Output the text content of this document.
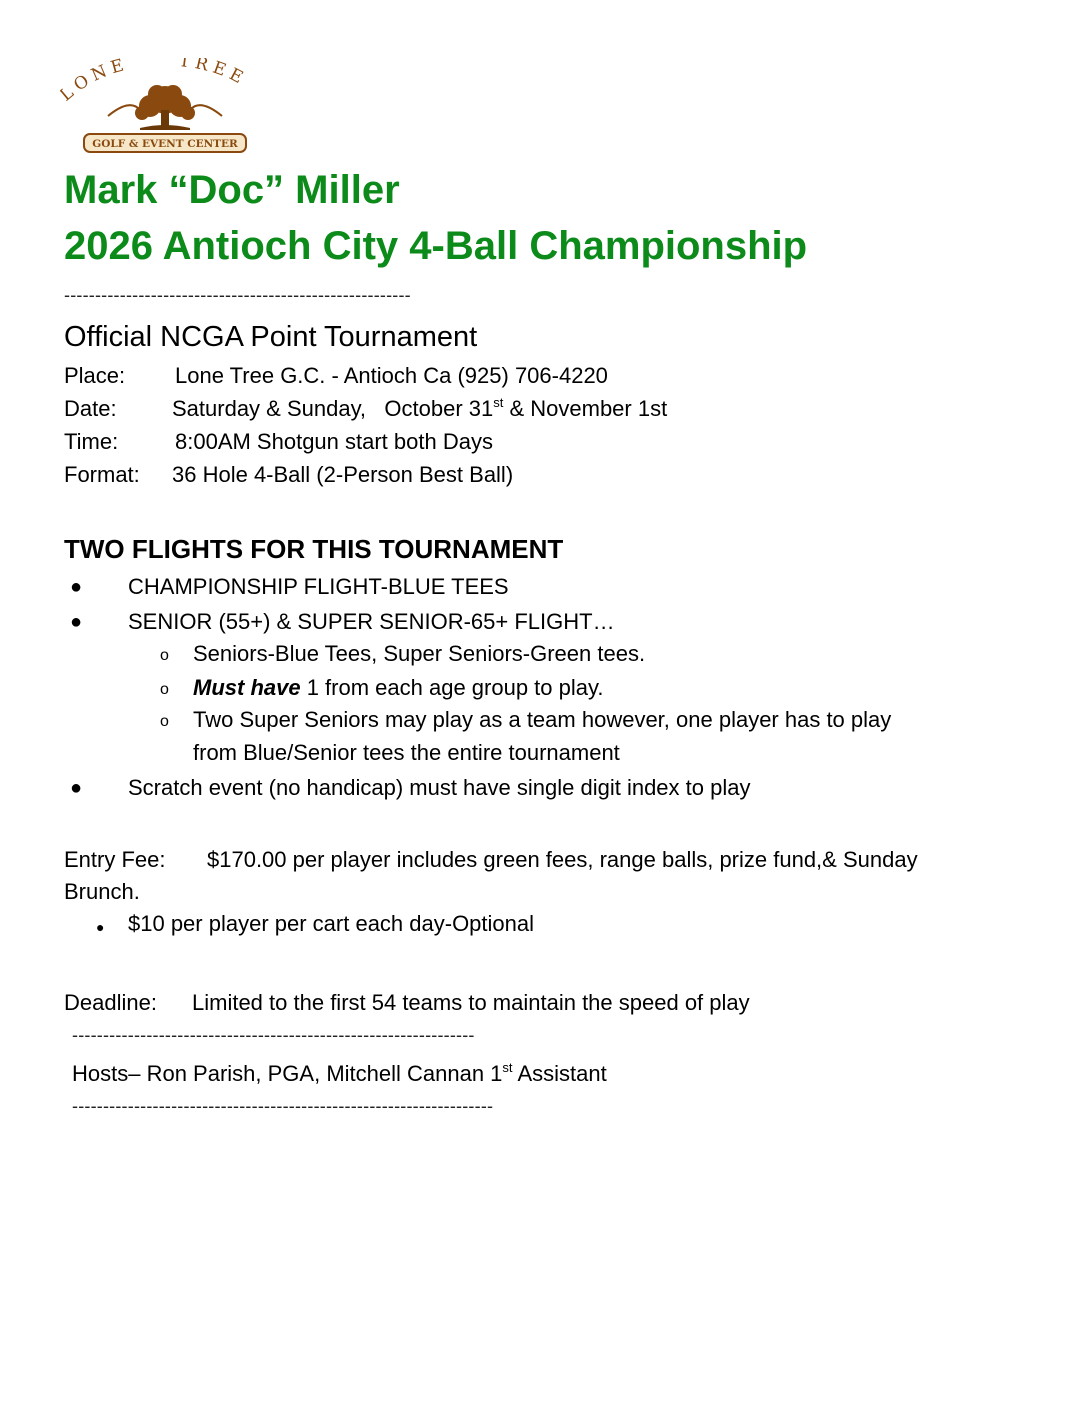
ONE	TREE
GOLF & EVENT CENTER
Mark “Doc” Miller
2026 Antioch City 4-Ball Championship
--------------------------------------------------------
Official NCGA Point Tournament
Place: Lone Tree G.C. - Antioch Ca (925) 706-4220
Date:	Saturday & Sunday,   October 31st & November 1st
Time:	8:00AM Shotgun start both Days
Format: 36 Hole 4-Ball (2-Person Best Ball)
TWO FLIGHTS FOR THIS TOURNAMENT
● CHAMPIONSHIP FLIGHT-BLUE TEES
● SENIOR (55+) & SUPER SENIOR-65+ FLIGHT…
o Seniors-Blue Tees, Super Seniors-Green tees.
o Must have 1 from each age group to play.
o Two Super Seniors may play as a team however, one player has to play
from Blue/Senior tees the entire tournament
● Scratch event (no handicap) must have single digit index to play
Entry Fee: $170.00 per player includes green fees, range balls, prize fund,& Sunday
Brunch.
● $10 per player per cart each day-Optional
Deadline: Limited to the first 54 teams to maintain the speed of play
-----------------------------------------------------------------
Hosts– Ron Parish, PGA, Mitchell Cannan 1st Assistant
--------------------------------------------------------------------
